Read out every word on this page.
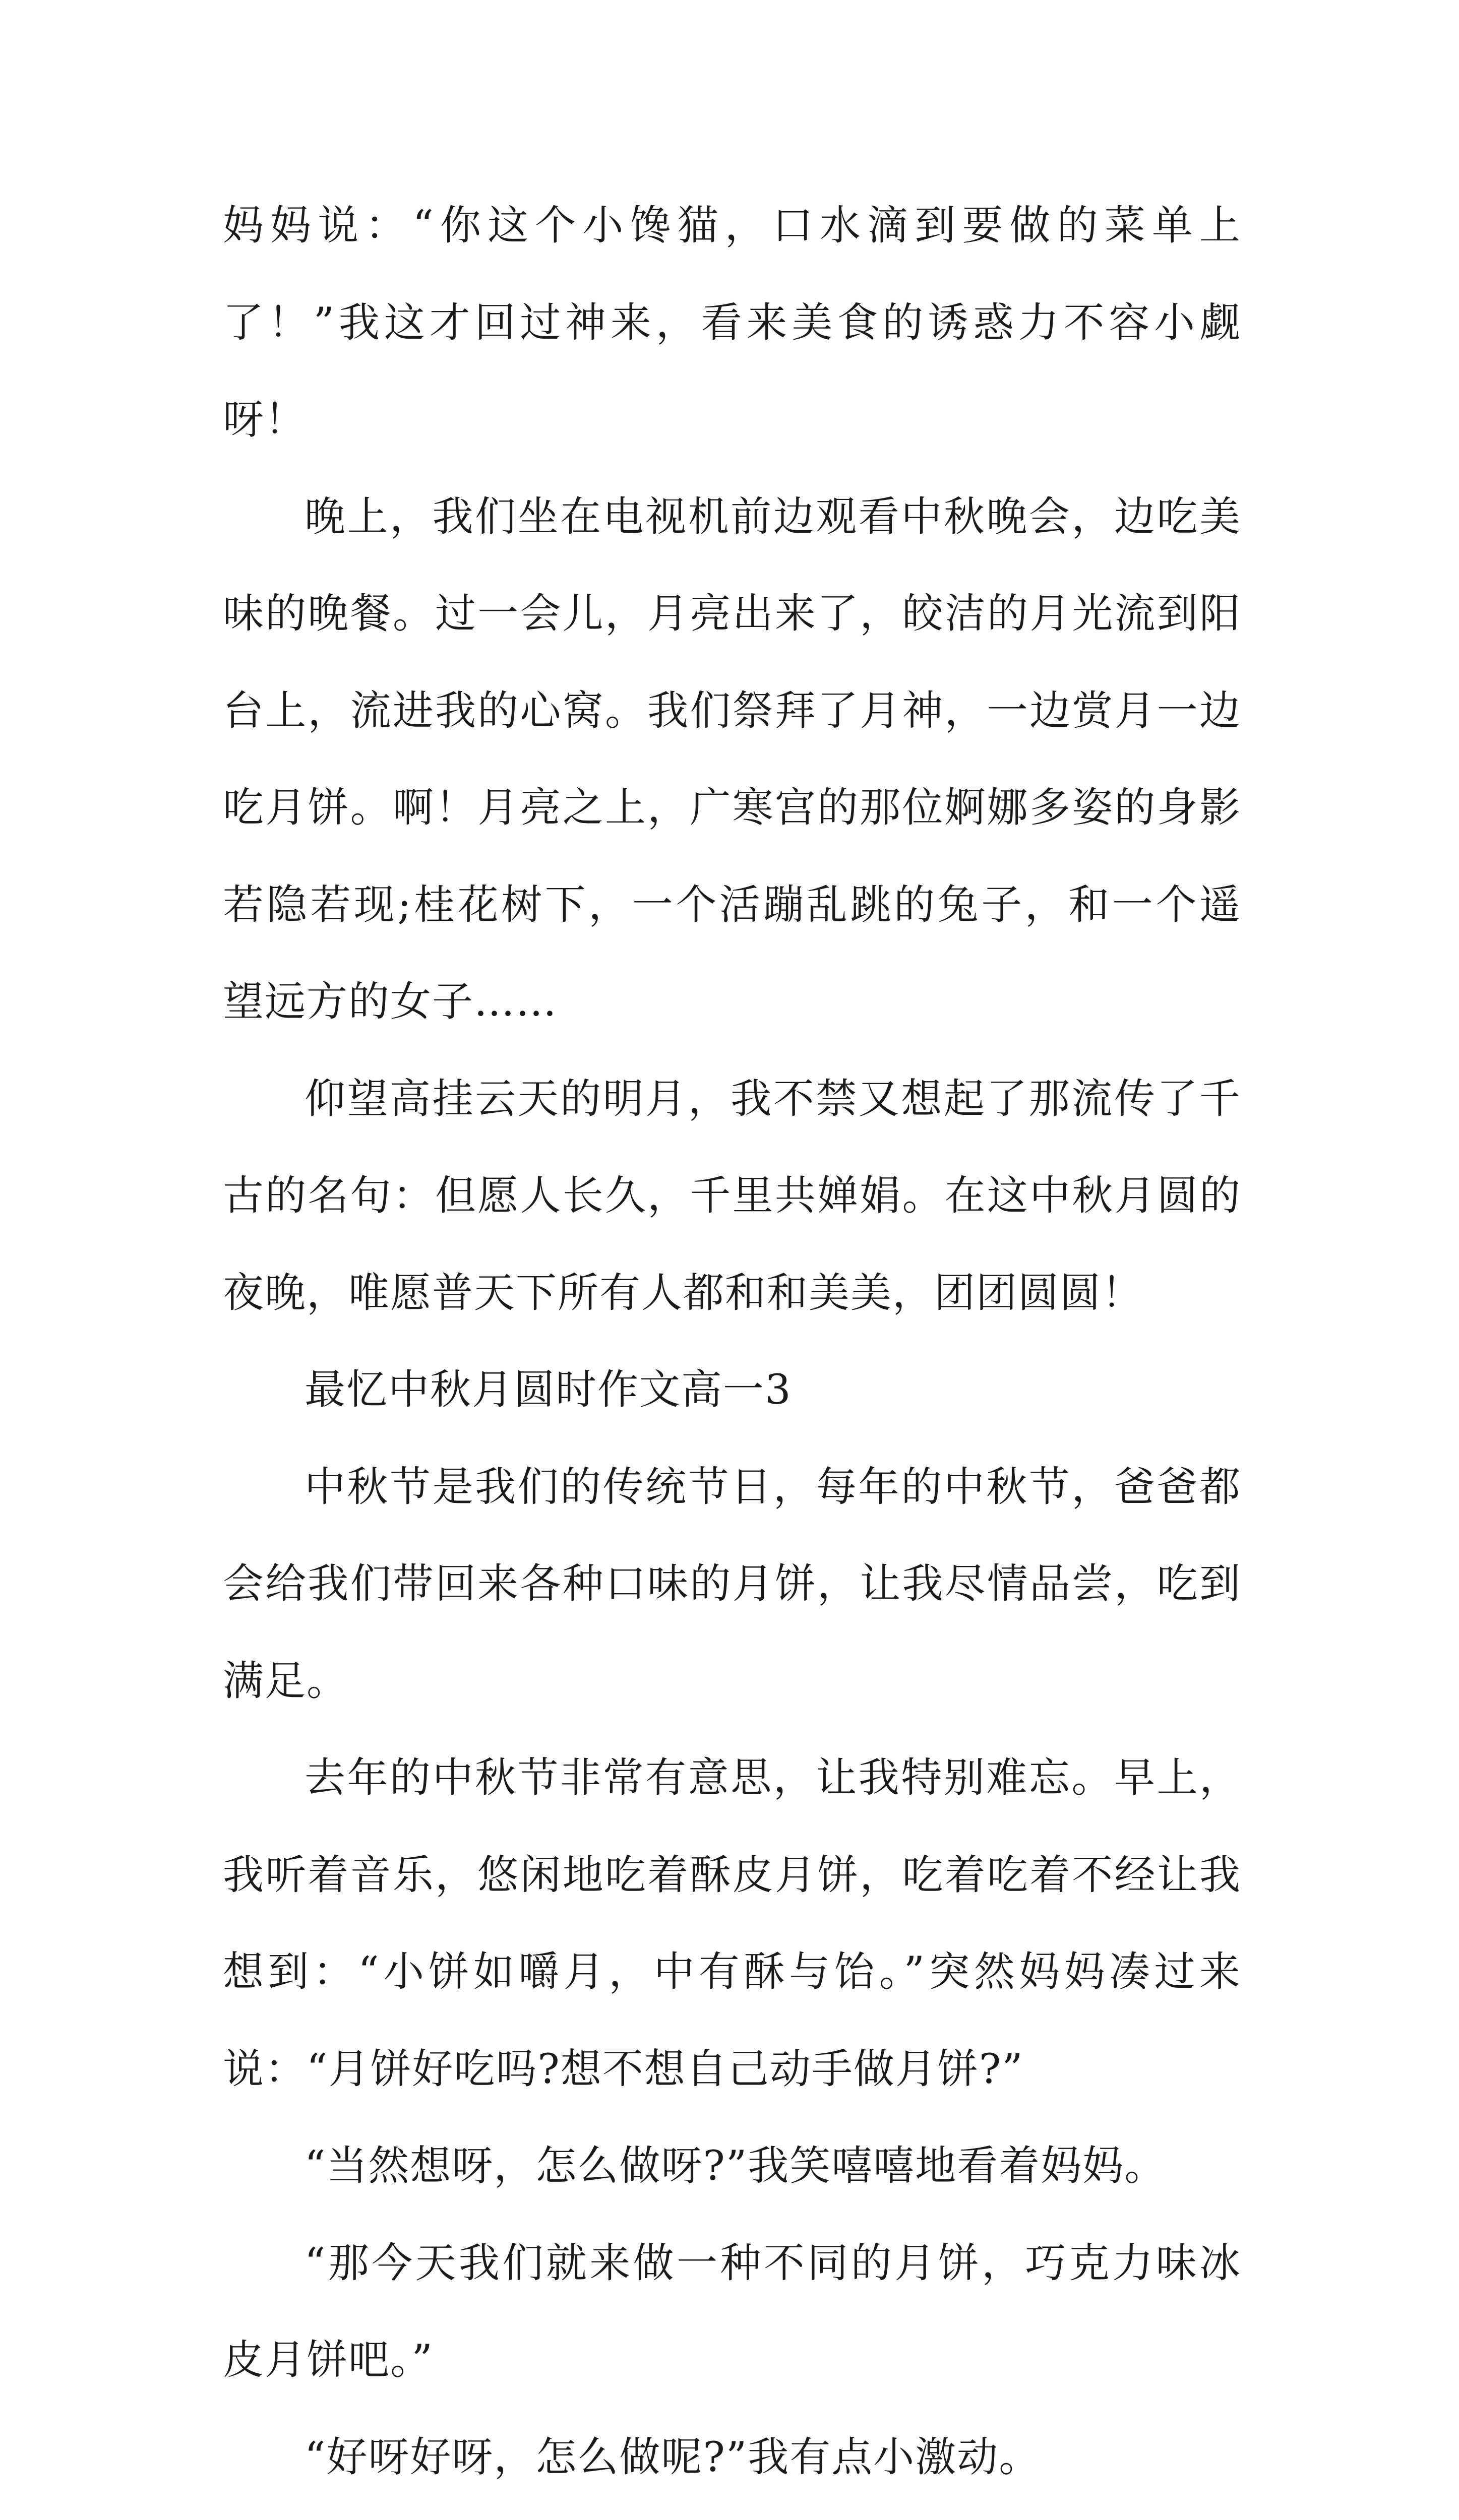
妈妈说：“你这个小馋猫，口水滴到要做的菜单上了！”我这才回过神来，看来美食的诱惑力不容小觑呀！

晚上，我们坐在电视机前边观看中秋晚会，边吃美味的晚餐。过一会儿，月亮出来了，皎洁的月光流到阳台上，流进我的心窝。我们祭拜了月神，一边赏月一边吃月饼。啊！月亮之上，广寒宫的那位婀娜多姿的身影若隐若现;桂花树下，一个活蹦乱跳的兔子，和一个遥望远方的女子……

仰望高挂云天的明月，我不禁又想起了那流传了千古的名句：但愿人长久，千里共婵娟。在这中秋月圆的夜晚，唯愿普天下所有人都和和美美，团团圆圆！

最忆中秋月圆时作文高一3

中秋节是我们的传统节日，每年的中秋节，爸爸都会给我们带回来各种口味的月饼，让我尽情品尝，吃到满足。

去年的中秋节非常有意思，让我特别难忘。早上，我听着音乐，悠闲地吃着酥皮月饼，吃着吃着不经让我想到：“小饼如嚼月，中有酥与饴。”突然妈妈凑过来说：“月饼好吃吗?想不想自己动手做月饼?”

“当然想呀，怎么做呀?”我笑嘻嘻地看着妈妈。

“那今天我们就来做一种不同的月饼，巧克力味冰皮月饼吧。”

“好呀好呀，怎么做呢?”我有点小激动。
